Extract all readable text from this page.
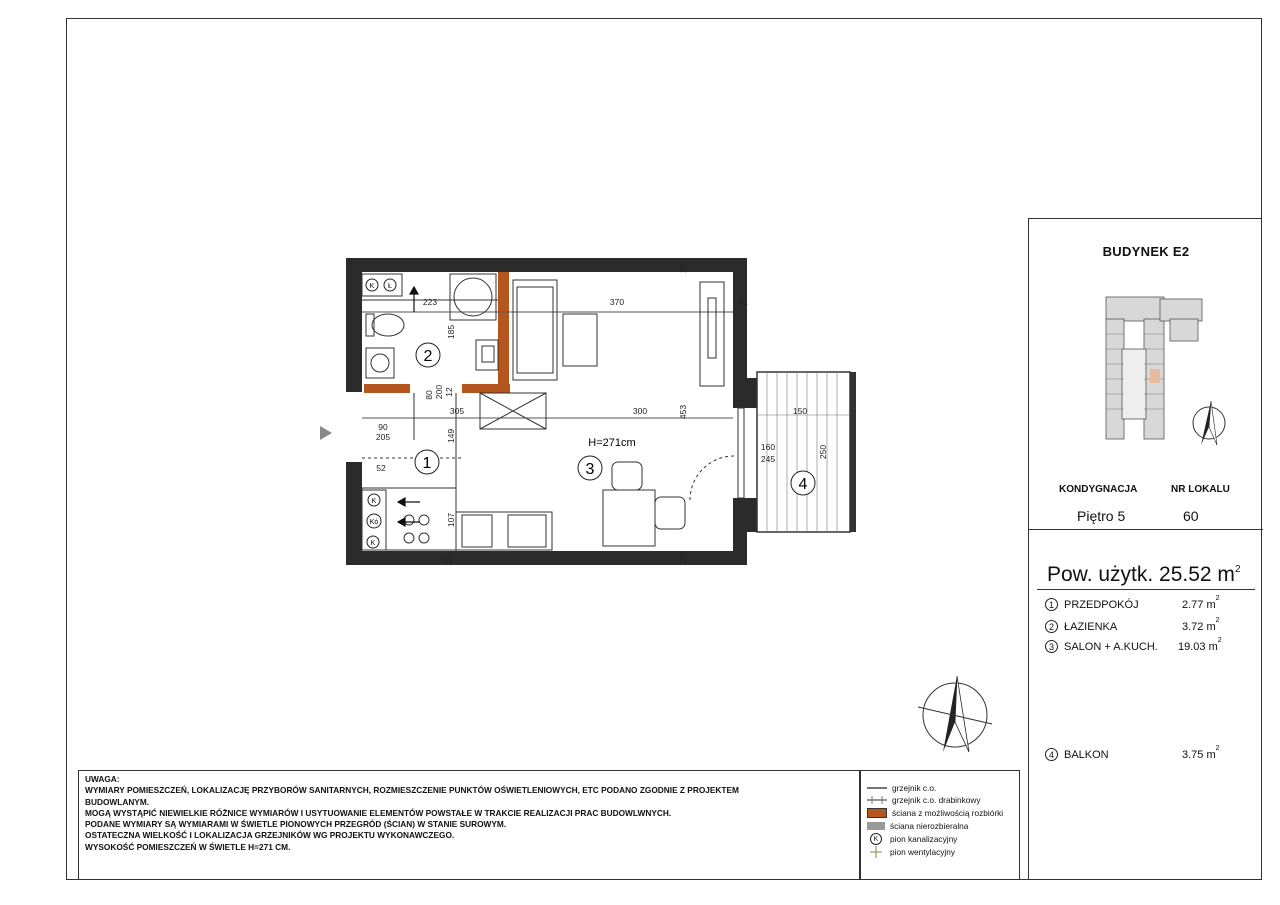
K Ł
K
Kó
K
2
1	3
4
H=271cm
223	370	41
305	300	150
90
205
52
160
245
185
149
107
453
250
25
25	25
80 200 12
BUDYNEK E2
KONDYGNACJA	NR LOKALU
Piętro 5	60
Pow. użytk. 25.52 $m^2$
1 PRZEDPOKÓJ	2.77 m 2
2 ŁAZIENKA	3.72 m 2
3 SALON + A.KUCH.	19.03 m 2
4 BALKON	3.75 m 2
UWAGA:
WYMIARY POMIESZCZEŃ, LOKALIZACJĘ PRZYBORÓW SANITARNYCH, ROZMIESZCZENIE PUNKTÓW OŚWIETLENIOWYCH, ETC PODANO ZGODNIE Z PROJEKTEM
BUDOWLANYM.
MOGĄ WYSTĄPIĆ NIEWIELKIE RÓŻNICE WYMIARÓW I USYTUOWANIE ELEMENTÓW POWSTAŁE W TRAKCIE REALIZACJI PRAC BUDOWLWNYCH.
PODANE WYMIARY SĄ WYMIARAMI W ŚWIETLE PIONOWYCH PRZEGRÓD (ŚCIAN) W STANIE SUROWYM.
OSTATECZNA WIELKOŚĆ I LOKALIZACJA GRZEJNIKÓW WG PROJEKTU WYKONAWCZEGO.
WYSOKOŚĆ POMIESZCZEŃ W ŚWIETLE H=271 CM.
grzejnik c.o.
grzejnik c.o. drabinkowy
ściana z możliwością rozbiórki
ściana nierozbieralna
K	pion kanalizacyjny
pion wentylacyjny
